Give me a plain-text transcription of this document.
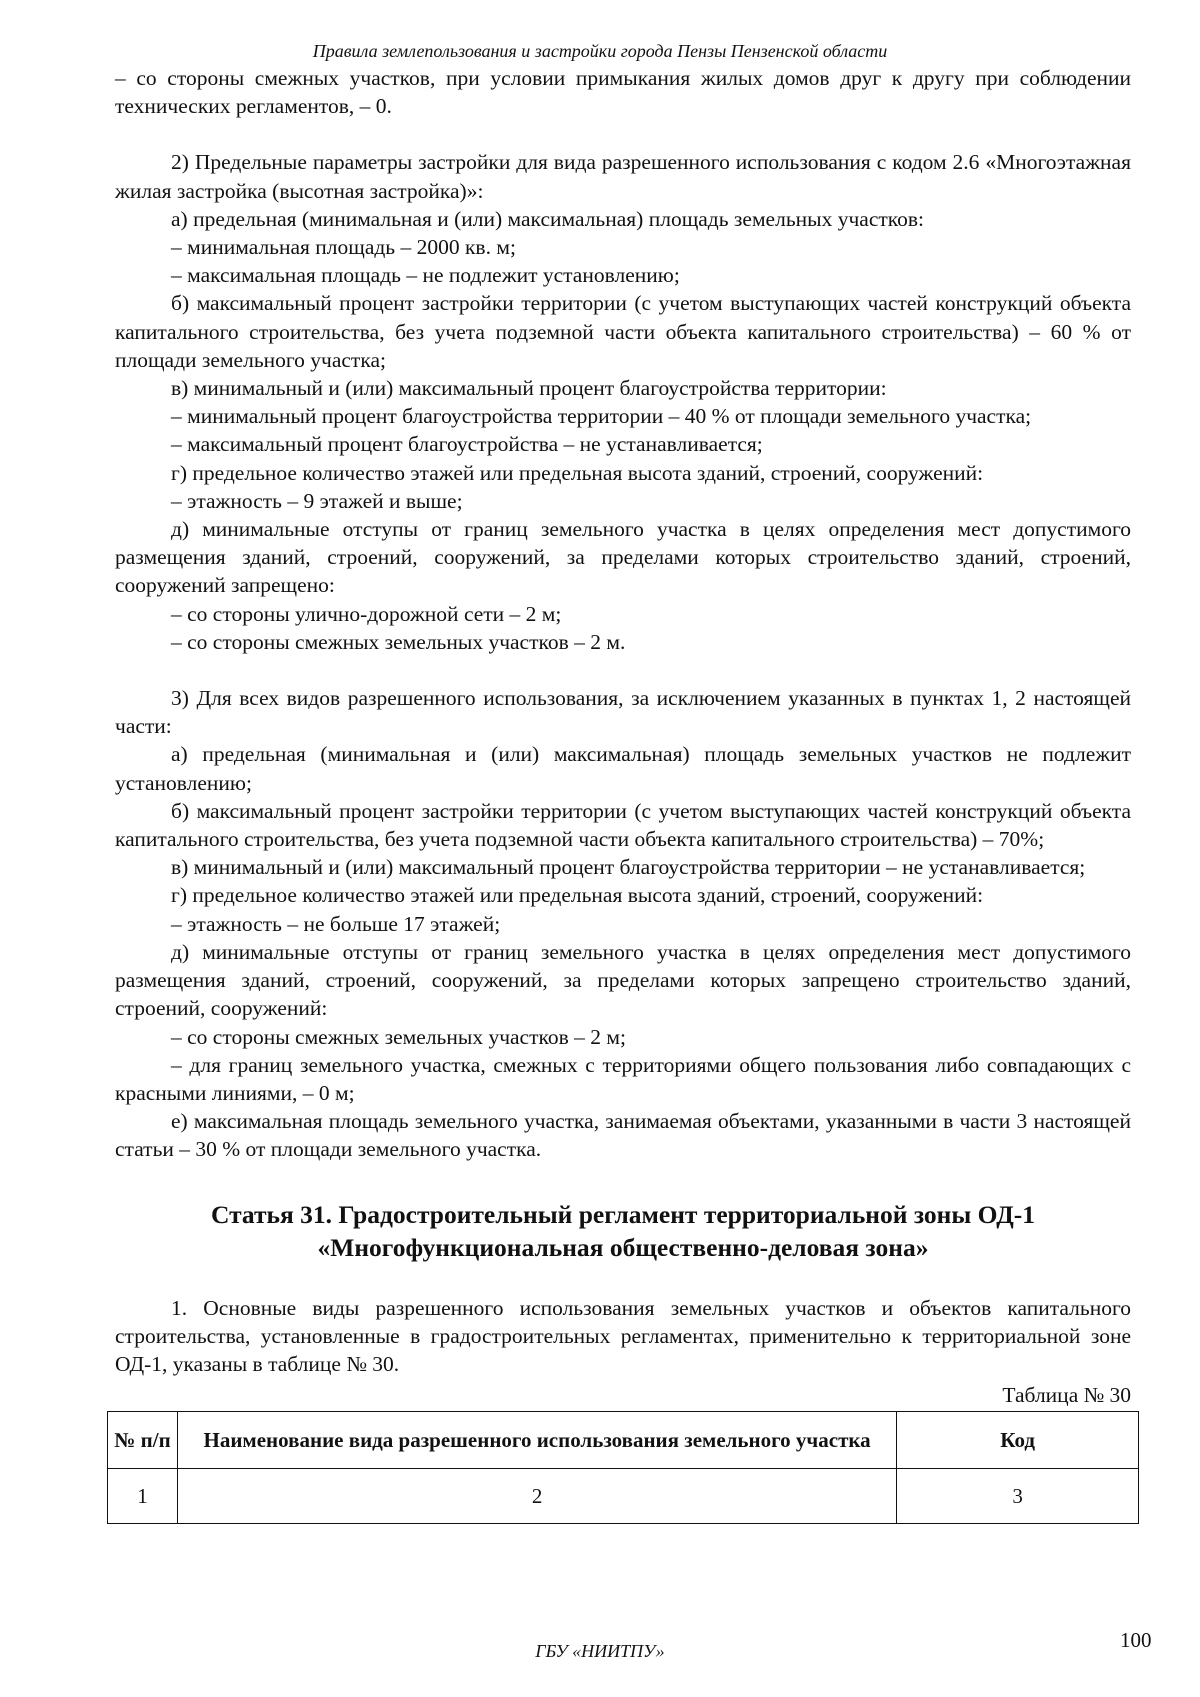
Правила землепользования и застройки города Пензы Пензенской области

– со стороны смежных участков, при условии примыкания жилых домов друг к другу при соблюдении технических регламентов, – 0.

2) Предельные параметры застройки для вида разрешенного использования с кодом 2.6 «Многоэтажная жилая застройка (высотная застройка)»:

а) предельная (минимальная и (или) максимальная) площадь земельных участков:

– минимальная площадь – 2000 кв. м;

– максимальная площадь – не подлежит установлению;

б) максимальный процент застройки территории (с учетом выступающих частей конструкций объекта капитального строительства, без учета подземной части объекта капитального строительства) – 60 % от площади земельного участка;

в) минимальный и (или) максимальный процент благоустройства территории:

– минимальный процент благоустройства территории – 40 % от площади земельного участка;

– максимальный процент благоустройства – не устанавливается;

г) предельное количество этажей или предельная высота зданий, строений, сооружений:

– этажность – 9 этажей и выше;

д) минимальные отступы от границ земельного участка в целях определения мест допустимого размещения зданий, строений, сооружений, за пределами которых строительство зданий, строений, сооружений запрещено:

– со стороны улично-дорожной сети – 2 м;

– со стороны смежных земельных участков – 2 м.

3) Для всех видов разрешенного использования, за исключением указанных в пунктах 1, 2 настоящей части:

а) предельная (минимальная и (или) максимальная) площадь земельных участков не подлежит установлению;

б) максимальный процент застройки территории (с учетом выступающих частей конструкций объекта капитального строительства, без учета подземной части объекта капитального строительства) – 70%;

в) минимальный и (или) максимальный процент благоустройства территории – не устанавливается;

г) предельное количество этажей или предельная высота зданий, строений, сооружений:

– этажность – не больше 17 этажей;

д) минимальные отступы от границ земельного участка в целях определения мест допустимого размещения зданий, строений, сооружений, за пределами которых запрещено строительство зданий, строений, сооружений:

– со стороны смежных земельных участков – 2 м;

– для границ земельного участка, смежных с территориями общего пользования либо совпадающих с красными линиями, – 0 м;

е) максимальная площадь земельного участка, занимаемая объектами, указанными в части 3 настоящей статьи – 30 % от площади земельного участка.

Статья 31. Градостроительный регламент территориальной зоны ОД-1
«Многофункциональная общественно-деловая зона»

1. Основные виды разрешенного использования земельных участков и объектов капитального строительства, установленные в градостроительных регламентах, применительно к территориальной зоне ОД-1, указаны в таблице № 30.

Таблица № 30
№ п/п	Наименование вида разрешенного использования земельного участка	Код
1	2	3
ГБУ «НИИТПУ»	100
